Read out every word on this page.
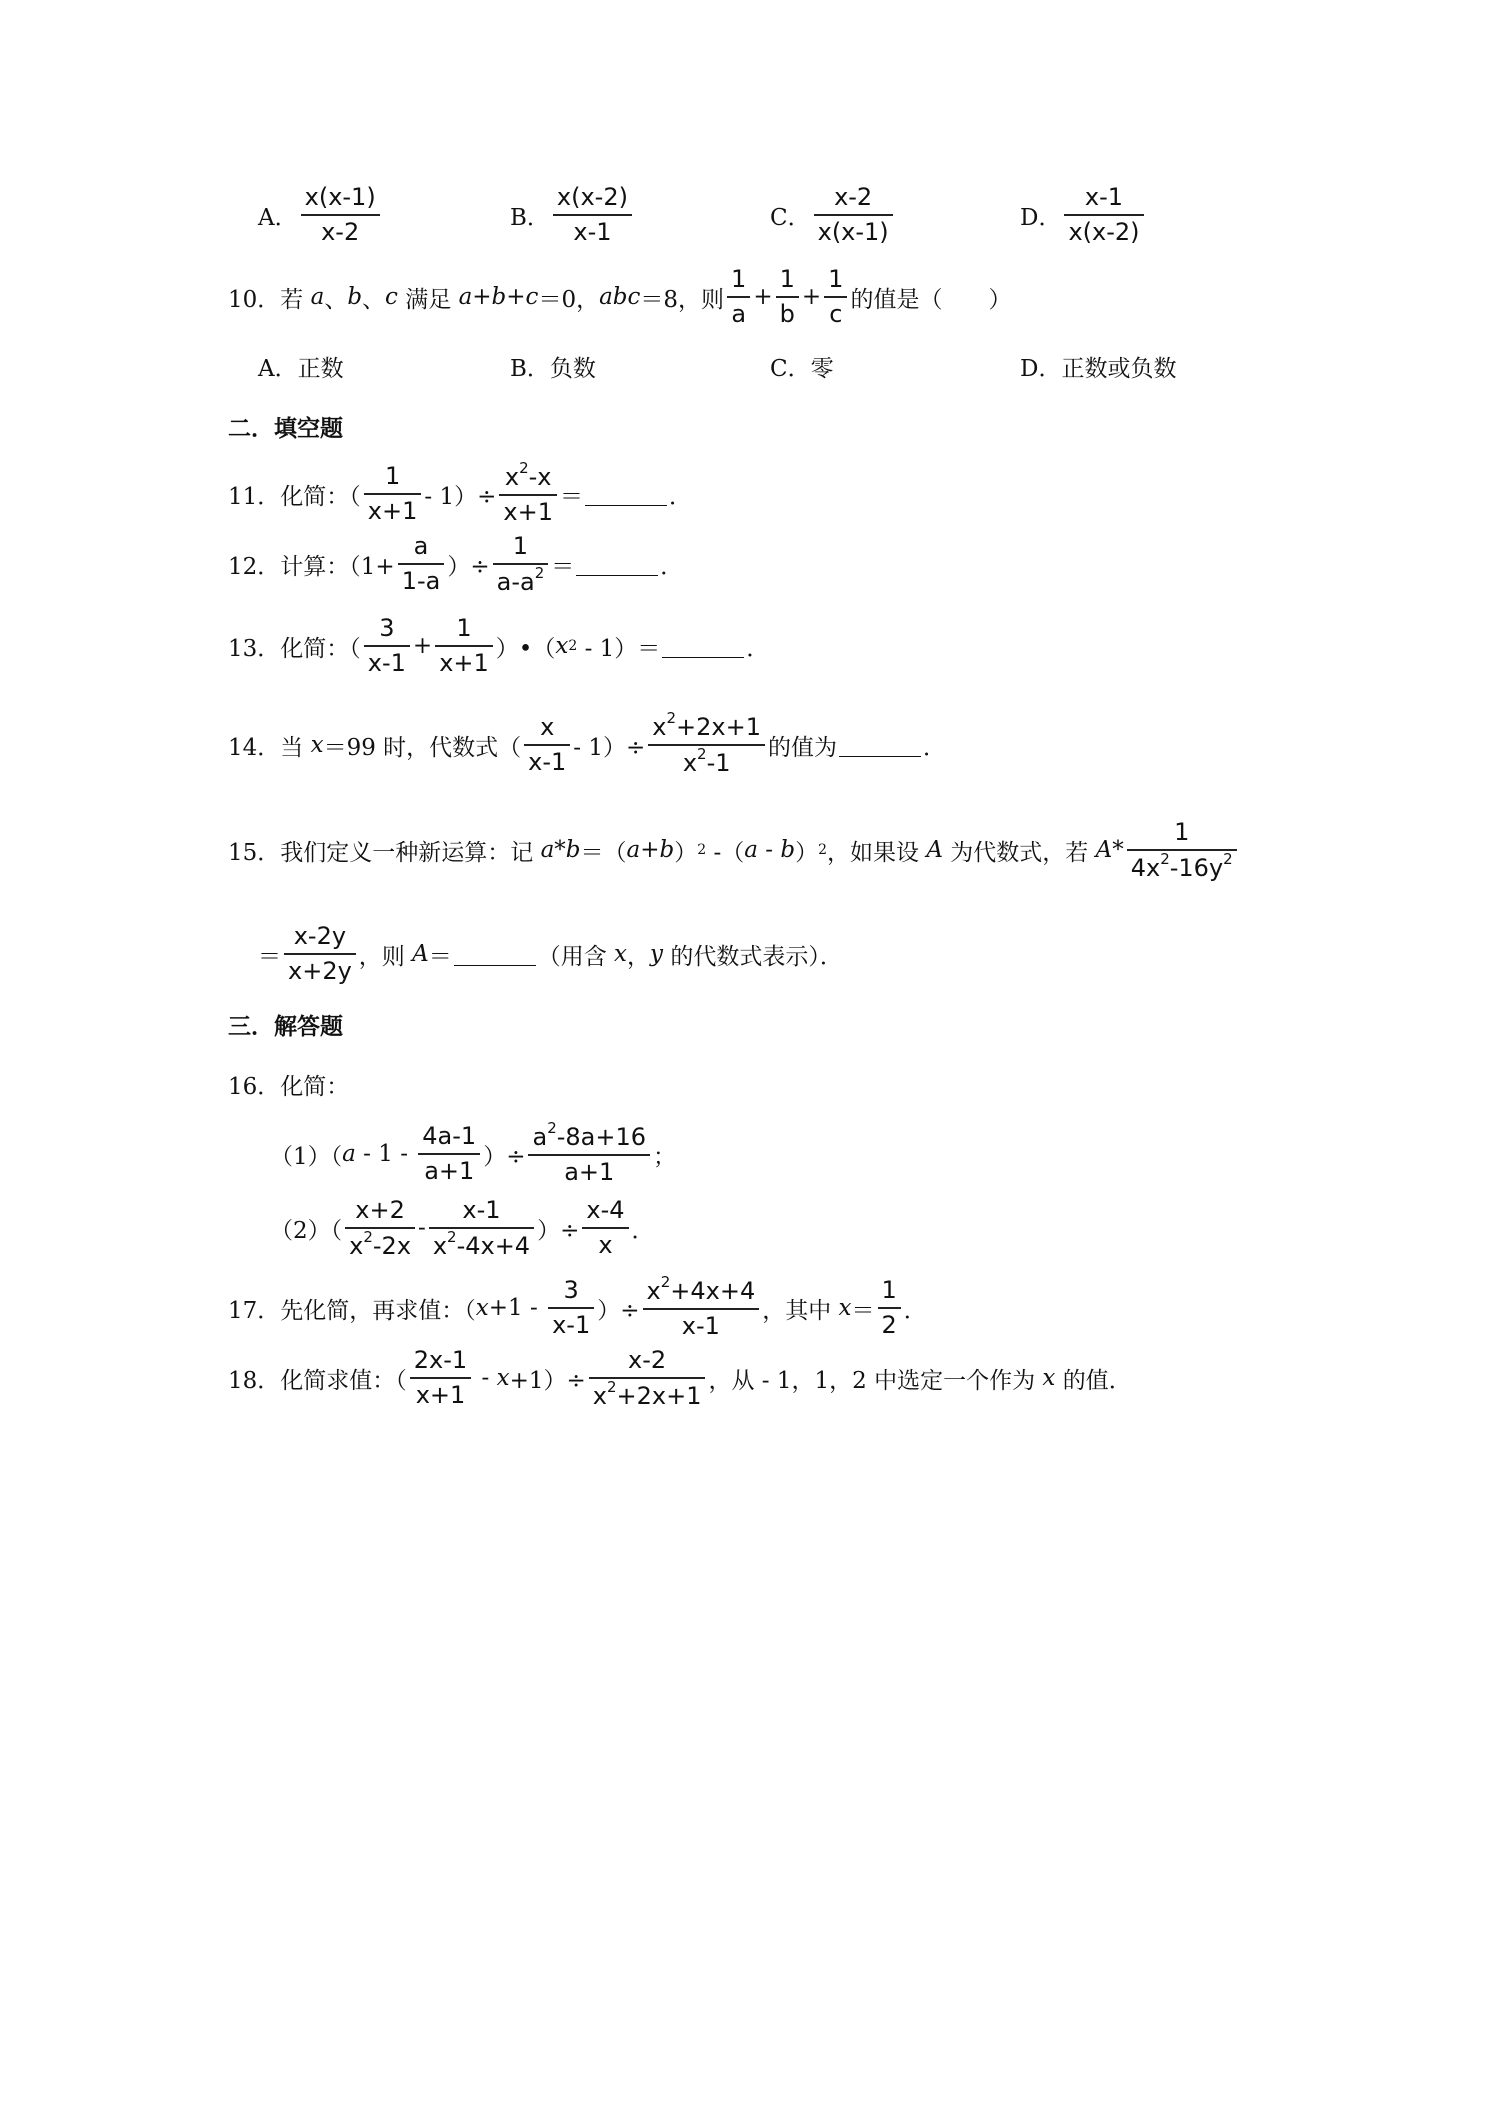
A．
x(x-1)
x-2
B．
x(x-2)
x-1
C．
x-2
x(x-1)
D．
x-1
x(x-2)
10． 若 a 、 b 、 c 满足 a+b+c ＝0， abc ＝8，则
1
a
+
1
b
+
1
c
的值是（　　）
A．正数	B．负数	C．零	D．正数或负数
二．填空题
11． 化简：（
1
x+1
- 1）÷
$x^2-x$
x+1
＝	．
12． 计算：（1+
a
1-a
）÷
1
$a-a^2$ ＝	．
13． 化简：（
3
x-1
+
1
x+1
）•（ x 2 - 1）＝	．
14． 当 x ＝99 时，代数式（
x
x-1
- 1）÷
$x^2+2x+1$
$x^2-1$
的值为	．
15． 我们定义一种新运算：记 a*b ＝（ a+b ） 2 -（ a - b ） 2 ，如果设 A 为代数式，若 A*
1
$4x^2-16y^2$
＝
x-2y
x+2y
，则 A ＝	（用含 x ， y 的代数式表示）．
三．解答题
16． 化简：
（1）（ a - 1 -
4a-1
a+1
）÷
$a^2-8a+16$
a+1
；
（2）（
x+2
$x^2-2x$
-
x-1
$x^2-4x+4$
）÷
x-4
x
．
17． 先化简，再求值：（ x +1 -
3
x-1
）÷
$x^2+4x+4$
x-1
，其中 x ＝
1
2
．
18． 化简求值：（
2x-1
x+1
- x +1）÷
x-2
$x^2+2x+1$
，从 - 1，1，2 中选定一个作为 x 的值．
